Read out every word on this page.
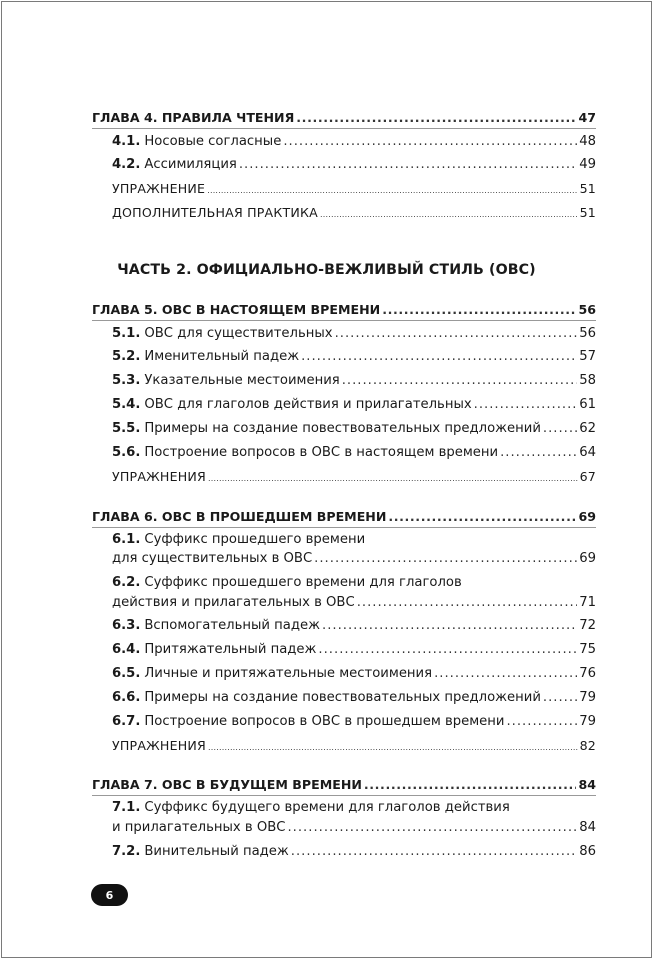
ГЛАВА 4. ПРАВИЛА ЧТЕНИЯ .....	47
4.1. Носовые согласные .....	48
4.2. Ассимиляция .....	49
УПРАЖНЕНИЕ .....	51
ДОПОЛНИТЕЛЬНАЯ ПРАКТИКА .....	51
ЧАСТЬ 2. ОФИЦИАЛЬНО-ВЕЖЛИВЫЙ СТИЛЬ (ОВС)
ГЛАВА 5. ОВС В НАСТОЯЩЕМ ВРЕМЕНИ .....	56
5.1. ОВС для существительных .....	56
5.2. Именительный падеж .....	57
5.3. Указательные местоимения .....	58
5.4. ОВС для глаголов действия и прилагательных .....	61
5.5. Примеры на создание повествовательных предложений .....	62
5.6. Построение вопросов в ОВС в настоящем времени .....	64
УПРАЖНЕНИЯ .....	67
ГЛАВА 6. ОВС В ПРОШЕДШЕМ ВРЕМЕНИ .....	69
6.1. Суффикс прошедшего времени
для существительных в ОВС .....	69
6.2. Суффикс прошедшего времени для глаголов
действия и прилагательных в ОВС .....	71
6.3. Вспомогательный падеж .....	72
6.4. Притяжательный падеж .....	75
6.5. Личные и притяжательные местоимения .....	76
6.6. Примеры на создание повествовательных предложений .....	79
6.7. Построение вопросов в ОВС в прошедшем времени .....	79
УПРАЖНЕНИЯ .....	82
ГЛАВА 7. ОВС В БУДУЩЕМ ВРЕМЕНИ .....	84
7.1. Суффикс будущего времени для глаголов действия
и прилагательных в ОВС .....	84
7.2. Винительный падеж .....	86
6
